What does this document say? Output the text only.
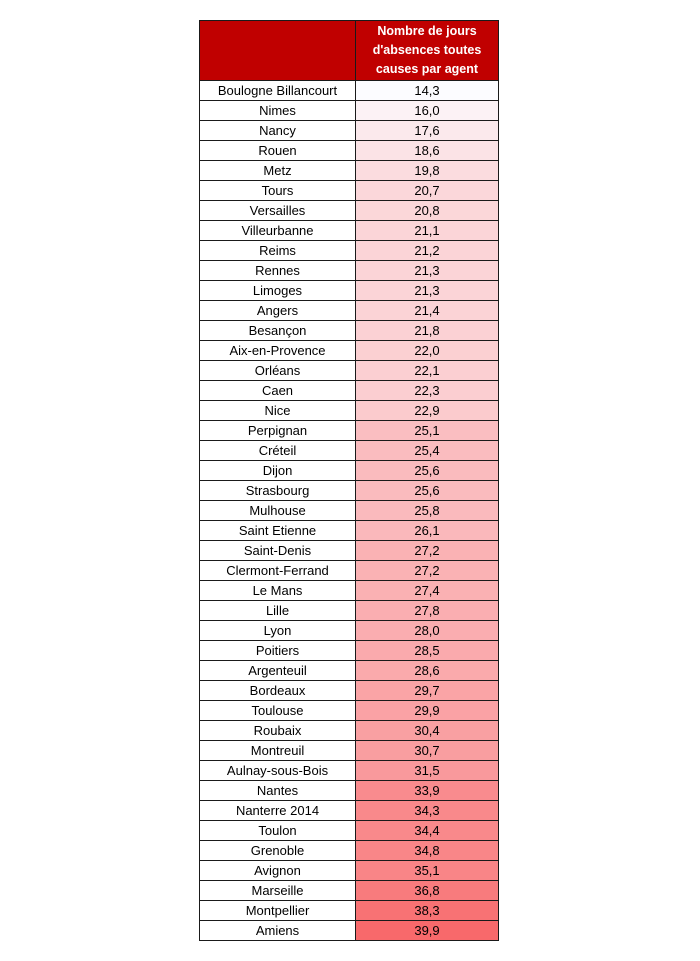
Nombre de jours d'absences toutes causes par agent
Boulogne Billancourt	14,3
Nimes	16,0
Nancy	17,6
Rouen	18,6
Metz	19,8
Tours	20,7
Versailles	20,8
Villeurbanne	21,1
Reims	21,2
Rennes	21,3
Limoges	21,3
Angers	21,4
Besançon	21,8
Aix-en-Provence	22,0
Orléans	22,1
Caen	22,3
Nice	22,9
Perpignan	25,1
Créteil	25,4
Dijon	25,6
Strasbourg	25,6
Mulhouse	25,8
Saint Etienne	26,1
Saint-Denis	27,2
Clermont-Ferrand	27,2
Le Mans	27,4
Lille	27,8
Lyon	28,0
Poitiers	28,5
Argenteuil	28,6
Bordeaux	29,7
Toulouse	29,9
Roubaix	30,4
Montreuil	30,7
Aulnay-sous-Bois	31,5
Nantes	33,9
Nanterre 2014	34,3
Toulon	34,4
Grenoble	34,8
Avignon	35,1
Marseille	36,8
Montpellier	38,3
Amiens	39,9
